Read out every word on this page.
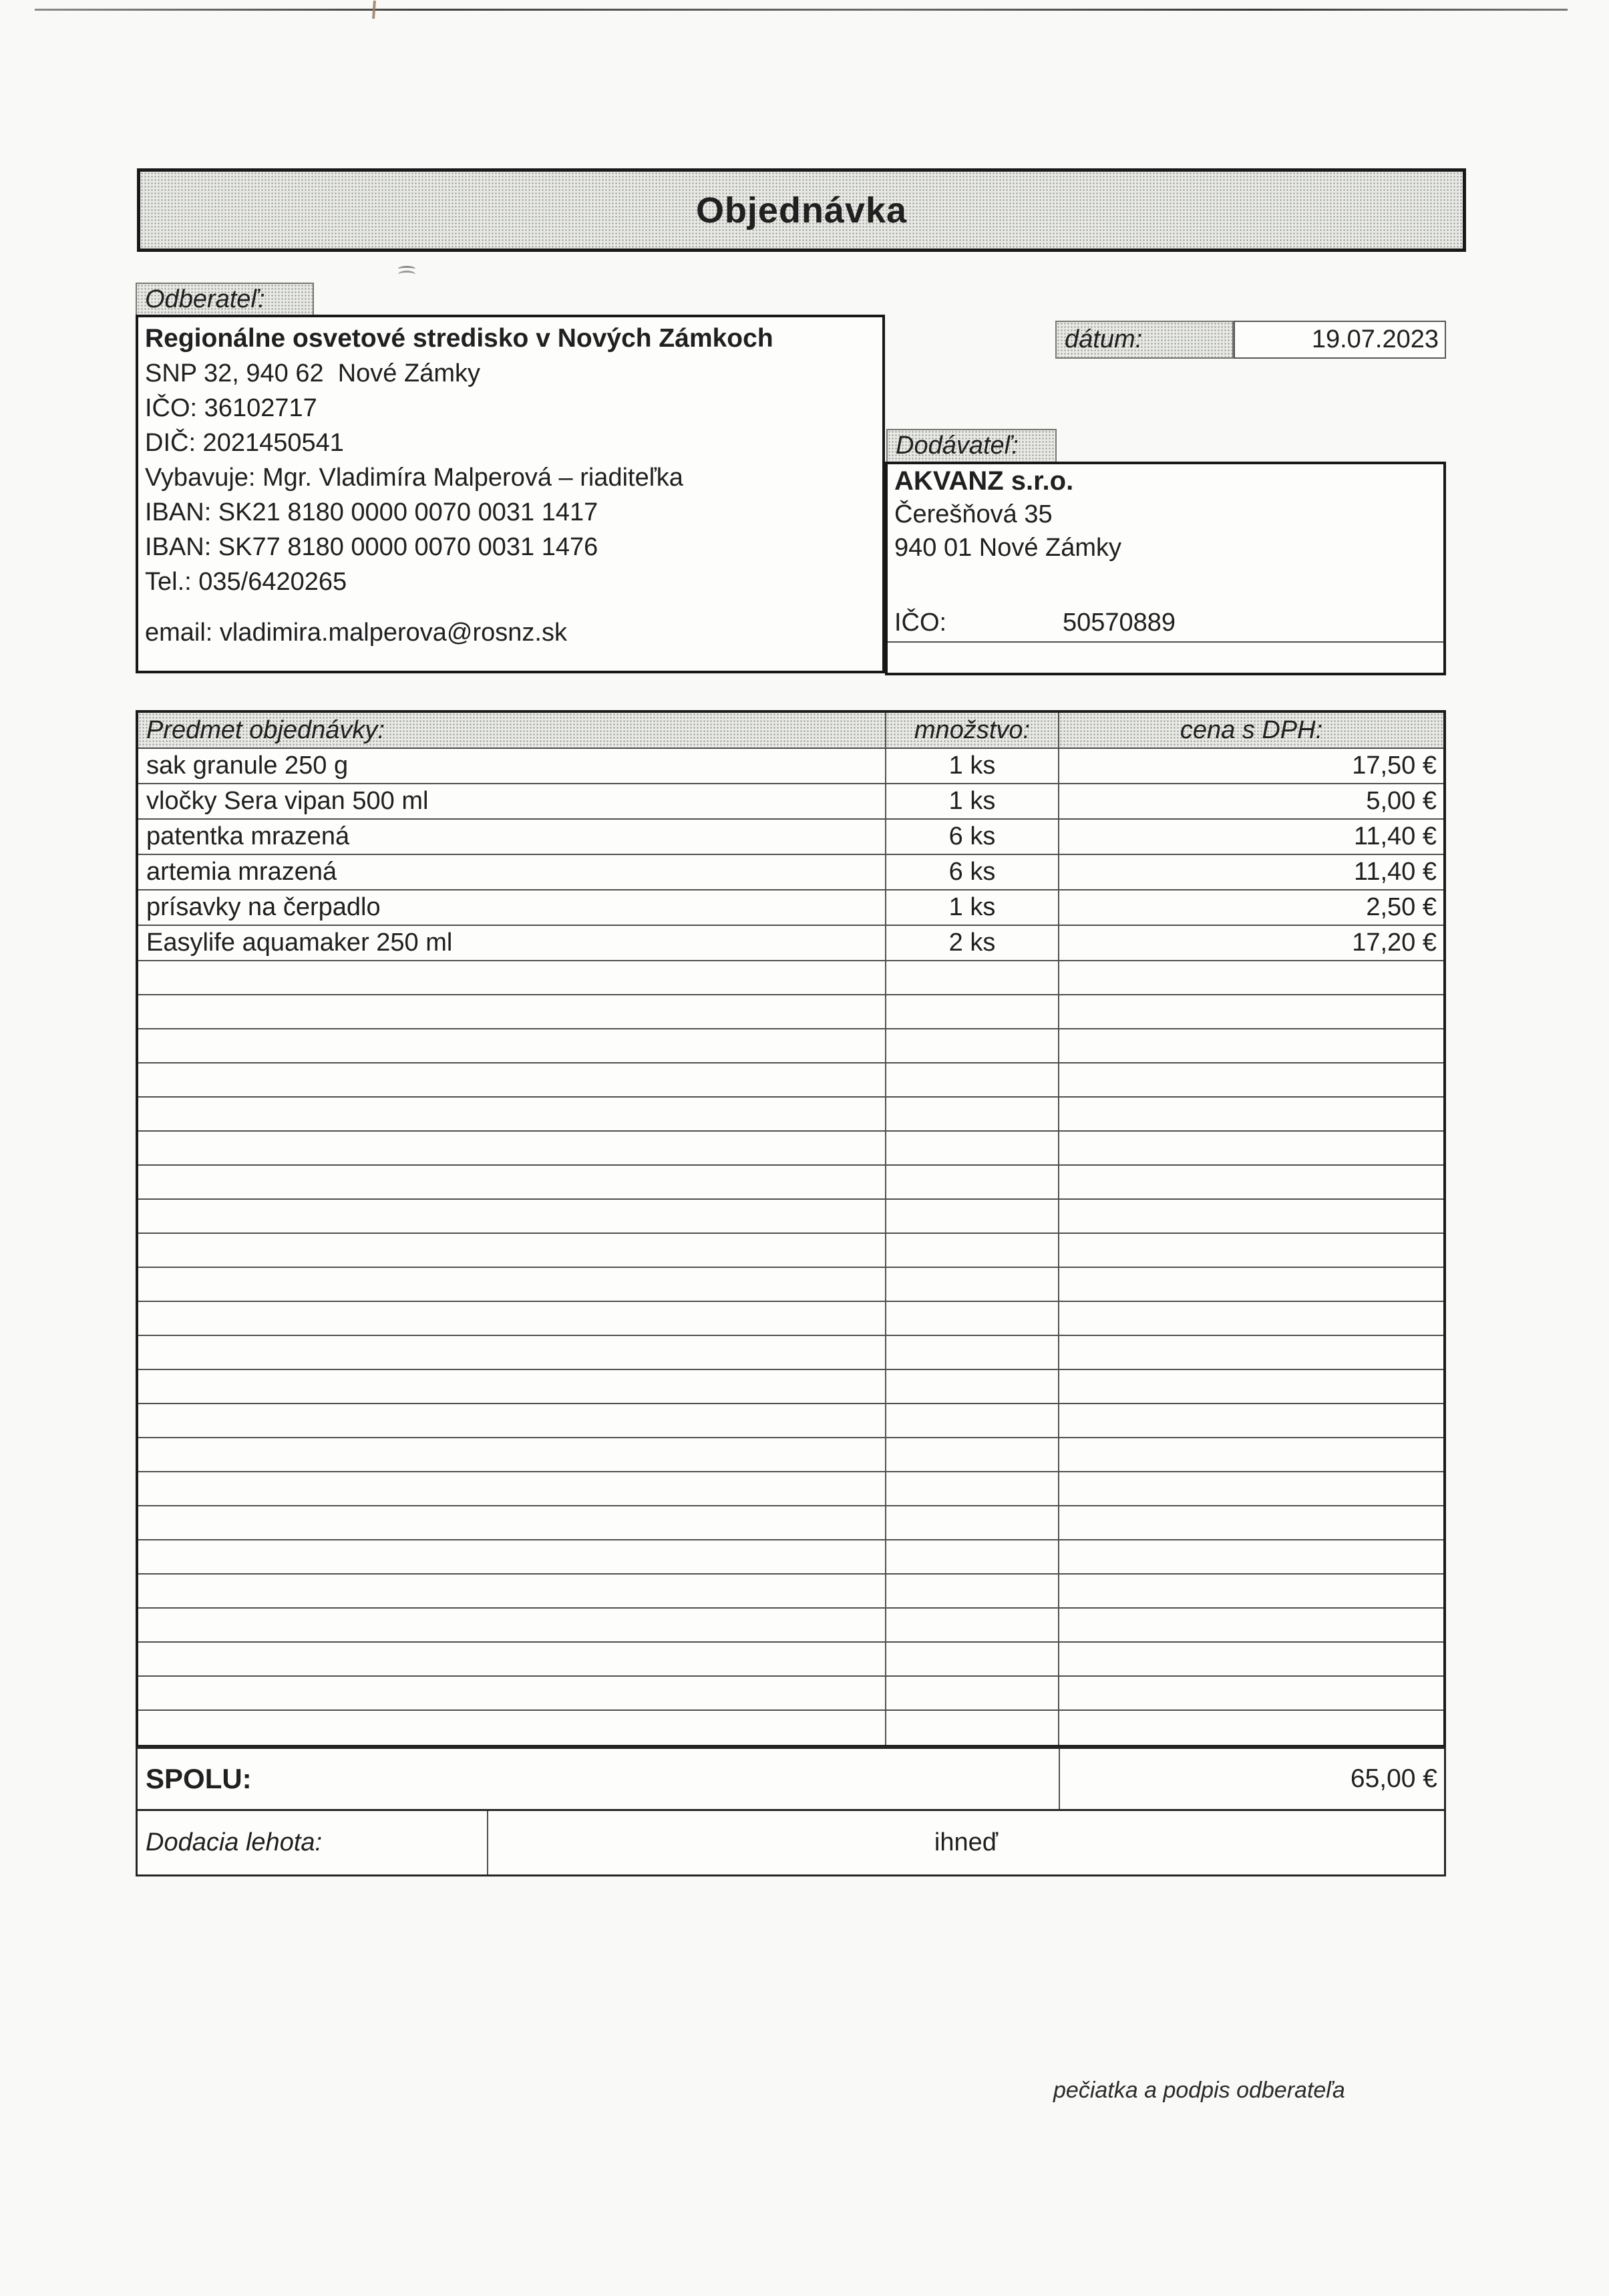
Objednávka
Odberateľ:
Regionálne osvetové stredisko v Nových Zámkoch
SNP 32, 940 62  Nové Zámky
IČO: 36102717
DIČ: 2021450541
Vybavuje: Mgr. Vladimíra Malperová – riaditeľka
IBAN: SK21 8180 0000 0070 0031 1417
IBAN: SK77 8180 0000 0070 0031 1476
Tel.: 035/6420265
email: vladimira.malperova@rosnz.sk
dátum:	19.07.2023
Dodávateľ:
AKVANZ s.r.o.
Čerešňová 35
940 01 Nové Zámky
IČO:	50570889
Predmet objednávky:	množstvo:	cena s DPH:
sak granule 250 g	1 ks	17,50 €
vločky Sera vipan 500 ml	1 ks	5,00 €
patentka mrazená	6 ks	11,40 €
artemia mrazená	6 ks	11,40 €
prísavky na čerpadlo	1 ks	2,50 €
Easylife aquamaker 250 ml	2 ks	17,20 €
SPOLU:	65,00 €
Dodacia lehota:	ihneď
pečiatka a podpis odberateľa
